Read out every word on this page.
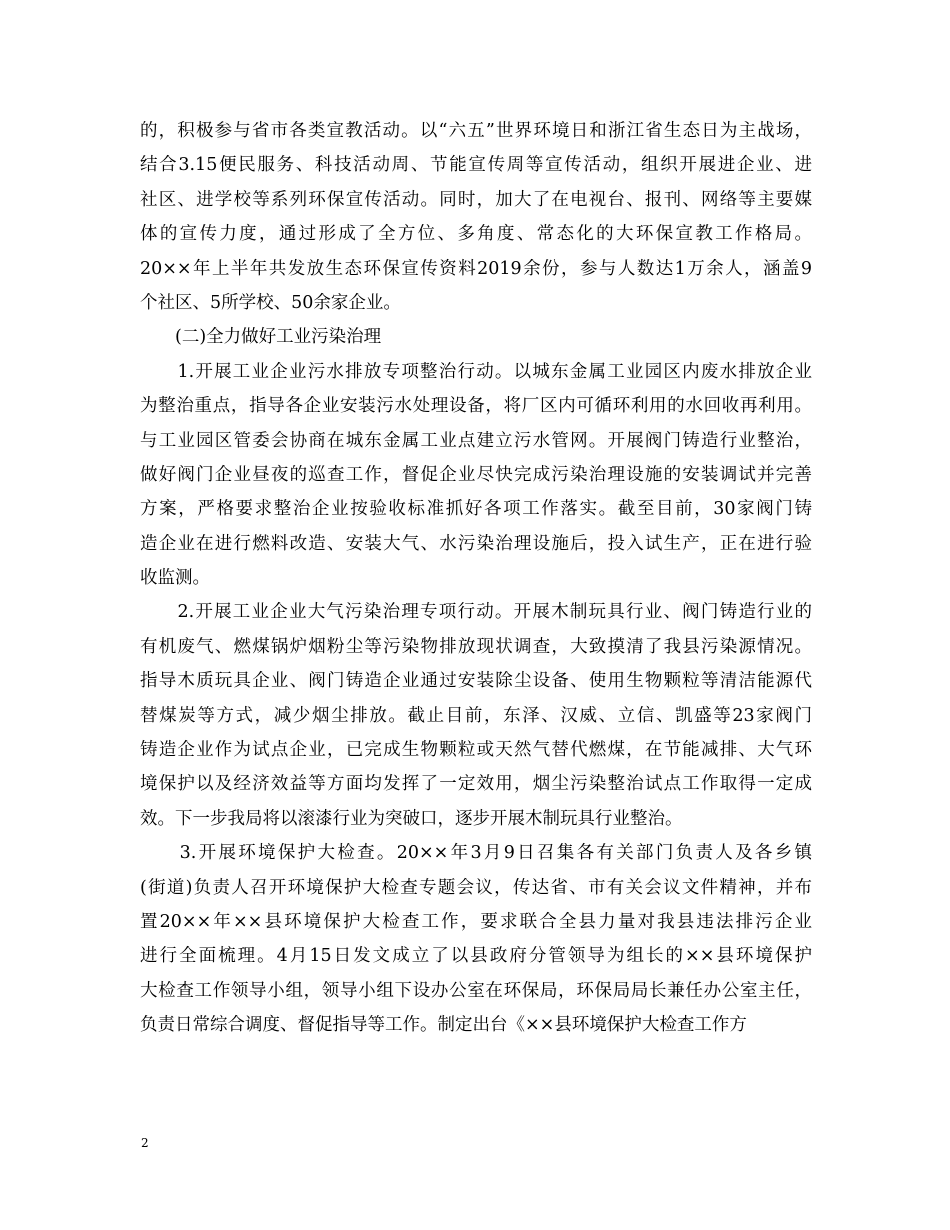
的，积极参与省市各类宣教活动。以“六五”世界环境日和浙江省生态日为主战场，
结合3.15便民服务、科技活动周、节能宣传周等宣传活动，组织开展进企业、进
社区、进学校等系列环保宣传活动。同时，加大了在电视台、报刊、网络等主要媒
体的宣传力度，通过形成了全方位、多角度、常态化的大环保宣教工作格局。
20××年上半年共发放生态环保宣传资料2019余份，参与人数达1万余人，涵盖9
个社区、5所学校、50余家企业。

　　(二)全力做好工业污染治理

　　1.开展工业企业污水排放专项整治行动。以城东金属工业园区内废水排放企业
为整治重点，指导各企业安装污水处理设备，将厂区内可循环利用的水回收再利用。
与工业园区管委会协商在城东金属工业点建立污水管网。开展阀门铸造行业整治，
做好阀门企业昼夜的巡查工作，督促企业尽快完成污染治理设施的安装调试并完善
方案，严格要求整治企业按验收标准抓好各项工作落实。截至目前，30家阀门铸
造企业在进行燃料改造、安装大气、水污染治理设施后，投入试生产，正在进行验
收监测。

　　2.开展工业企业大气污染治理专项行动。开展木制玩具行业、阀门铸造行业的
有机废气、燃煤锅炉烟粉尘等污染物排放现状调查，大致摸清了我县污染源情况。
指导木质玩具企业、阀门铸造企业通过安装除尘设备、使用生物颗粒等清洁能源代
替煤炭等方式，减少烟尘排放。截止目前，东泽、汉威、立信、凯盛等23家阀门
铸造企业作为试点企业，已完成生物颗粒或天然气替代燃煤，在节能减排、大气环
境保护以及经济效益等方面均发挥了一定效用，烟尘污染整治试点工作取得一定成
效。下一步我局将以滚漆行业为突破口，逐步开展木制玩具行业整治。

　　3.开展环境保护大检查。20××年3月9日召集各有关部门负责人及各乡镇
(街道)负责人召开环境保护大检查专题会议，传达省、市有关会议文件精神，并布
置20××年××县环境保护大检查工作，要求联合全县力量对我县违法排污企业
进行全面梳理。4月15日发文成立了以县政府分管领导为组长的××县环境保护
大检查工作领导小组，领导小组下设办公室在环保局，环保局局长兼任办公室主任，
负责日常综合调度、督促指导等工作。制定出台《××县环境保护大检查工作方

2
